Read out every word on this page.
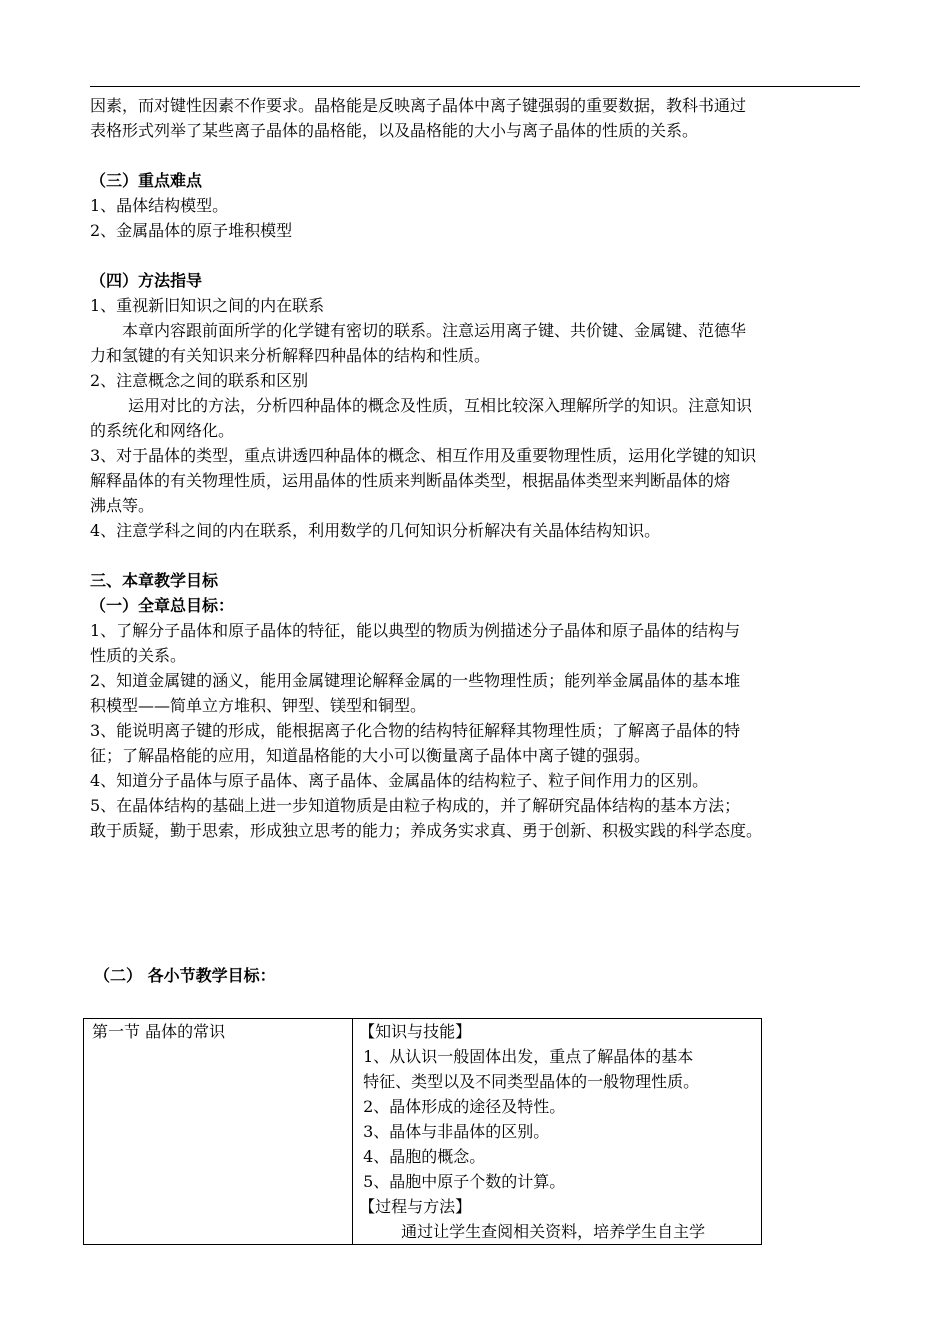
因素，而对键性因素不作要求。晶格能是反映离子晶体中离子键强弱的重要数据，教科书通过
表格形式列举了某些离子晶体的晶格能，以及晶格能的大小与离子晶体的性质的关系。
（三）重点难点
1、晶体结构模型。
2、金属晶体的原子堆积模型
（四）方法指导
1、重视新旧知识之间的内在联系
本章内容跟前面所学的化学键有密切的联系。注意运用离子键、共价键、金属键、范德华
力和氢键的有关知识来分析解释四种晶体的结构和性质。
2、注意概念之间的联系和区别
运用对比的方法，分析四种晶体的概念及性质，互相比较深入理解所学的知识。注意知识
的系统化和网络化。
3、对于晶体的类型，重点讲透四种晶体的概念、相互作用及重要物理性质，运用化学键的知识
解释晶体的有关物理性质，运用晶体的性质来判断晶体类型，根据晶体类型来判断晶体的熔
沸点等。
4、注意学科之间的内在联系，利用数学的几何知识分析解决有关晶体结构知识。
三、本章教学目标
（一）全章总目标：
1、了解分子晶体和原子晶体的特征，能以典型的物质为例描述分子晶体和原子晶体的结构与
性质的关系。
2、知道金属键的涵义，能用金属键理论解释金属的一些物理性质；能列举金属晶体的基本堆
积模型——简单立方堆积、钾型、镁型和铜型。
3、能说明离子键的形成，能根据离子化合物的结构特征解释其物理性质；了解离子晶体的特
征；了解晶格能的应用，知道晶格能的大小可以衡量离子晶体中离子键的强弱。
4、知道分子晶体与原子晶体、离子晶体、金属晶体的结构粒子、粒子间作用力的区别。
5、在晶体结构的基础上进一步知道物质是由粒子构成的，并了解研究晶体结构的基本方法；
敢于质疑，勤于思索，形成独立思考的能力；养成务实求真、勇于创新、积极实践的科学态度。
（二） 各小节教学目标：
第一节 晶体的常识	【知识与技能】
1、从认识一般固体出发，重点了解晶体的基本
特征、类型以及不同类型晶体的一般物理性质。
2、晶体形成的途径及特性。
3、晶体与非晶体的区别。
4、晶胞的概念。
5、晶胞中原子个数的计算。
【过程与方法】
通过让学生查阅相关资料，培养学生自主学
